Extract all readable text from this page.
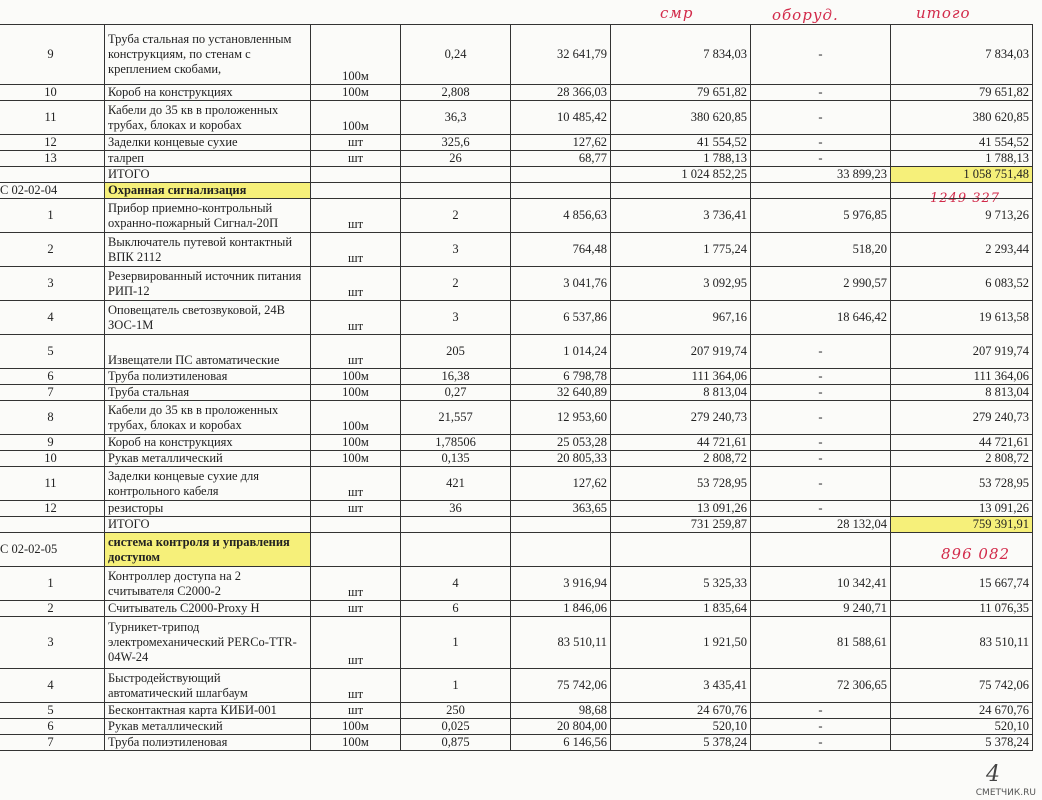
смр	оборуд.	итого
1249 327
896 082
9	Труба стальная по установленным конструкциям, по стенам с креплением скобами,	100м	0,24	32 641,79	7 834,03	-	7 834,03
10	Короб на конструкциях	100м	2,808	28 366,03	79 651,82	-	79 651,82
11	Кабели до 35 кв в проложенных трубах, блоках и коробах	100м	36,3	10 485,42	380 620,85	-	380 620,85
12	Заделки концевые сухие	шт	325,6	127,62	41 554,52	-	41 554,52
13	талреп	шт	26	68,77	1 788,13	-	1 788,13
	ИТОГО				1 024 852,25	33 899,23	1 058 751,48
С 02-02-04	Охранная сигнализация						
1	Прибор приемно-контрольный охранно-пожарный Сигнал-20П	шт	2	4 856,63	3 736,41	5 976,85	9 713,26
2	Выключатель путевой контактный ВПК 2112	шт	3	764,48	1 775,24	518,20	2 293,44
3	Резервированный источник питания РИП-12	шт	2	3 041,76	3 092,95	2 990,57	6 083,52
4	Оповещатель светозвуковой, 24В ЗОС-1М	шт	3	6 537,86	967,16	18 646,42	19 613,58
5	Извещатели ПС автоматические	шт	205	1 014,24	207 919,74	-	207 919,74
6	Труба полиэтиленовая	100м	16,38	6 798,78	111 364,06	-	111 364,06
7	Труба стальная	100м	0,27	32 640,89	8 813,04	-	8 813,04
8	Кабели до 35 кв в проложенных трубах, блоках и коробах	100м	21,557	12 953,60	279 240,73	-	279 240,73
9	Короб на конструкциях	100м	1,78506	25 053,28	44 721,61	-	44 721,61
10	Рукав металлический	100м	0,135	20 805,33	2 808,72	-	2 808,72
11	Заделки концевые сухие для контрольного кабеля	шт	421	127,62	53 728,95	-	53 728,95
12	резисторы	шт	36	363,65	13 091,26	-	13 091,26
	ИТОГО				731 259,87	28 132,04	759 391,91
С 02-02-05	система контроля и управления доступом						
1	Контроллер доступа на 2 считывателя С2000-2	шт	4	3 916,94	5 325,33	10 342,41	15 667,74
2	Считыватель С2000-Proxy Н	шт	6	1 846,06	1 835,64	9 240,71	11 076,35
3	Турникет-трипод электромеханический PERCo-TTR-04W-24	шт	1	83 510,11	1 921,50	81 588,61	83 510,11
4	Быстродействующий автоматический шлагбаум	шт	1	75 742,06	3 435,41	72 306,65	75 742,06
5	Бесконтактная карта КИБИ-001	шт	250	98,68	24 670,76	-	24 670,76
6	Рукав металлический	100м	0,025	20 804,00	520,10	-	520,10
7	Труба полиэтиленовая	100м	0,875	6 146,56	5 378,24	-	5 378,24
4
СМЕТЧИК.RU
